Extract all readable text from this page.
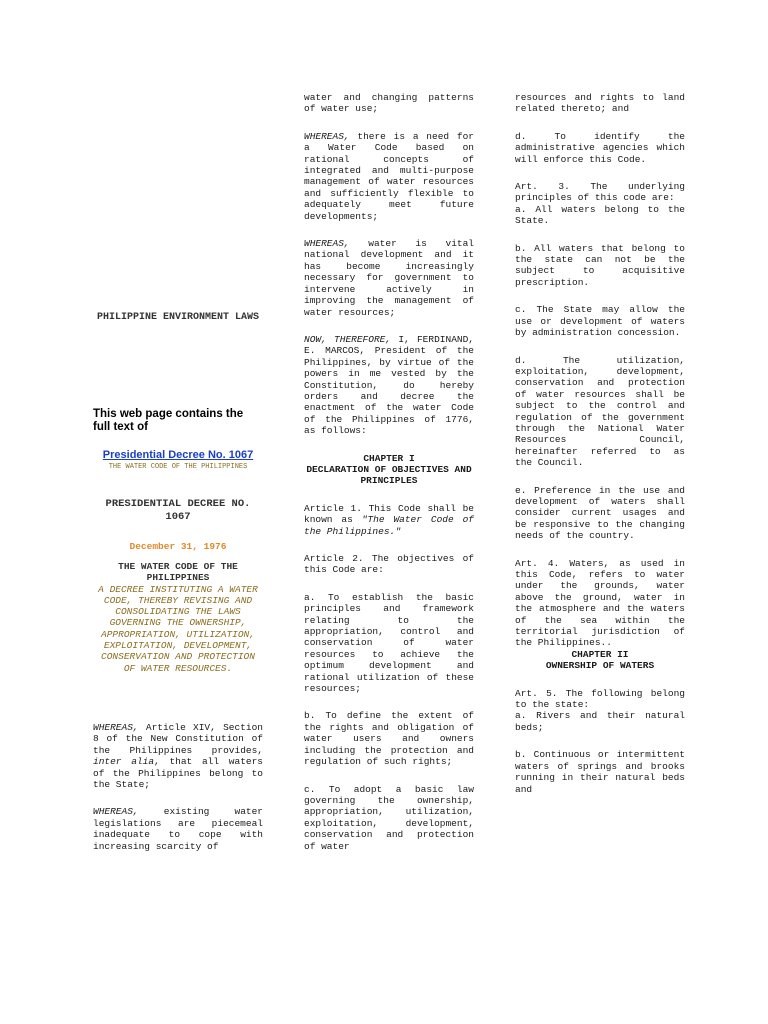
PHILIPPINE ENVIRONMENT LAWS
This web page contains the full text of
Presidential Decree No. 1067
THE WATER CODE OF THE PHILIPPINES
PRESIDENTIAL DECREE NO. 1067
December 31, 1976
THE WATER CODE OF THE PHILIPPINES
A DECREE INSTITUTING A WATER CODE, THEREBY REVISING AND CONSOLIDATING THE LAWS GOVERNING THE OWNERSHIP, APPROPRIATION, UTILIZATION, EXPLOITATION, DEVELOPMENT, CONSERVATION AND PROTECTION OF WATER RESOURCES.

WHEREAS, Article XIV, Section 8 of the New Constitution of the Philippines provides, inter alia, that all waters of the Philippines belong to the State;

WHEREAS, existing water legislations are piecemeal inadequate to cope with increasing scarcity of

water and changing patterns of water use;

WHEREAS, there is a need for a Water Code based on rational concepts of integrated and multi-purpose management of water resources and sufficiently flexible to adequately meet future developments;

WHEREAS, water is vital national development and it has become increasingly necessary for government to intervene actively in improving the management of water resources;

NOW, THEREFORE, I, FERDINAND, E. MARCOS, President of the Philippines, by virtue of the powers in me vested by the Constitution, do hereby orders and decree the enactment of the water Code of the Philippines of 1776, as follows:

CHAPTER I
DECLARATION OF OBJECTIVES AND PRINCIPLES

Article 1. This Code shall be known as "The Water Code of the Philippines."

Article 2. The objectives of this Code are:

a. To establish the basic principles and framework relating to the appropriation, control and conservation of water resources to achieve the optimum development and rational utilization of these resources;

b. To define the extent of the rights and obligation of water users and owners including the protection and regulation of such rights;

c. To adopt a basic law governing the ownership, appropriation, utilization, exploitation, development, conservation and protection of water

resources and rights to land related thereto; and

d. To identify the administrative agencies which will enforce this Code.

Art. 3. The underlying principles of this code are:
a. All waters belong to the State.

b. All waters that belong to the state can not be the subject to acquisitive prescription.

c. The State may allow the use or development of waters by administration concession.

d. The utilization, exploitation, development, conservation and protection of water resources shall be subject to the control and regulation of the government through the National Water Resources Council, hereinafter referred to as the Council.

e. Preference in the use and development of waters shall consider current usages and be responsive to the changing needs of the country.

Art. 4. Waters, as used in this Code, refers to water under the grounds, water above the ground, water in the atmosphere and the waters of the sea within the territorial jurisdiction of the Philippines..

CHAPTER II
OWNERSHIP OF WATERS

Art. 5. The following belong to the state:
a. Rivers and their natural beds;

b. Continuous or intermittent waters of springs and brooks running in their natural beds and
